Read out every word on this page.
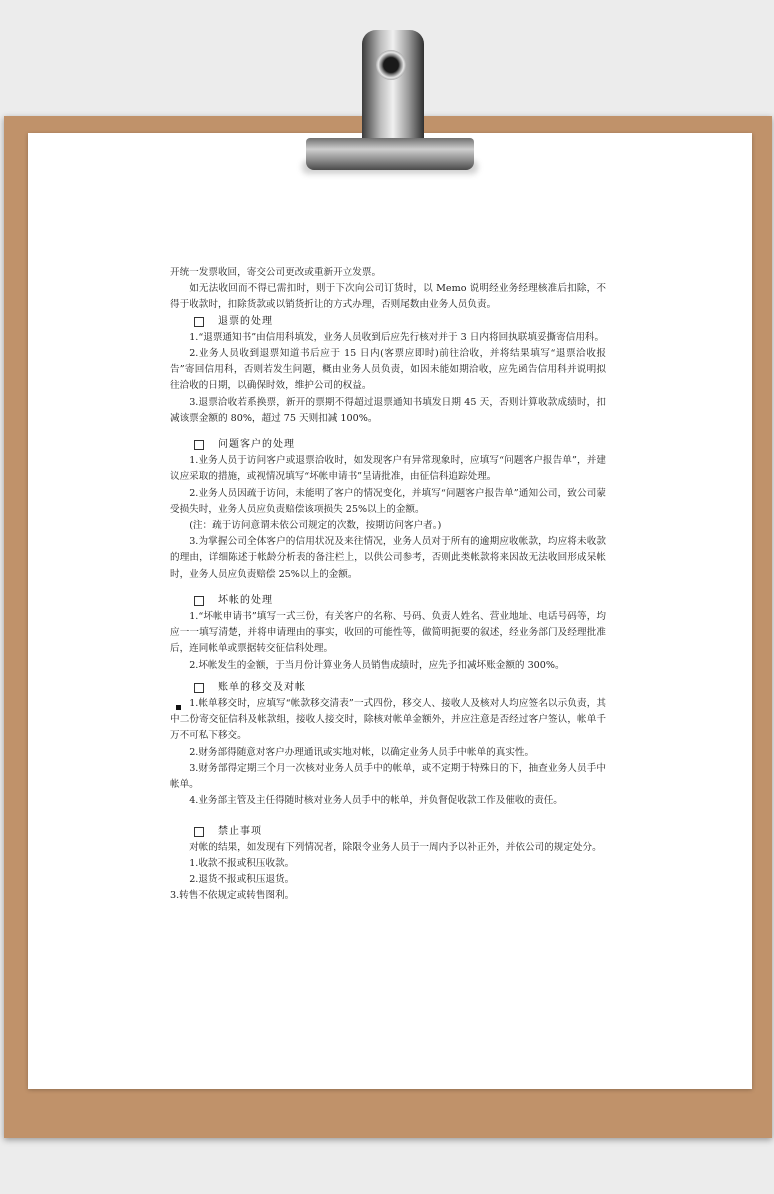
开统一发票收回，寄交公司更改或重新开立发票。

如无法收回而不得已需扣时，则于下次向公司订货时，以 Memo 说明经业务经理核准后扣除，不得于收款时，扣除货款或以销货折让的方式办理，否则尾数由业务人员负责。

退票的处理

1.“退票通知书”由信用科填发，业务人员收到后应先行核对并于 3 日内将回执联填妥撕寄信用科。

2.业务人员收到退票知道书后应于 15 日内(客票应即时)前往洽收，并将结果填写“退票洽收报告”寄回信用科，否则若发生问题，概由业务人员负责，如因未能如期洽收，应先函告信用科并说明拟往洽收的日期，以确保时效，维护公司的权益。

3.退票洽收若系换票，新开的票期不得超过退票通知书填发日期 45 天，否则计算收款成绩时，扣减该票金额的 80%，超过 75 天则扣减 100%。

问题客户的处理

1.业务人员于访问客户或退票洽收时，如发现客户有异常现象时，应填写“问题客户报告单”，并建议应采取的措施，或视情况填写“坏帐申请书”呈请批准，由征信科追踪处理。

2.业务人员因疏于访问，未能明了客户的情况变化，并填写“问题客户报告单”通知公司，致公司蒙受损失时，业务人员应负责赔偿该项损失 25%以上的金额。

(注：疏于访问意谓未依公司规定的次数，按期访问客户者。)

3.为掌握公司全体客户的信用状况及来往情况，业务人员对于所有的逾期应收帐款，均应将未收款的理由，详细陈述于帐龄分析表的备注栏上，以供公司参考，否则此类帐款将来因故无法收回形成呆帐时，业务人员应负责赔偿 25%以上的金额。

坏帐的处理

1.“坏帐申请书”填写一式三份，有关客户的名称、号码、负责人姓名、营业地址、电话号码等，均应一一填写清楚，并将申请理由的事实，收回的可能性等，做简明扼要的叙述，经业务部门及经理批准后，连同帐单或票据转交征信科处理。

2.坏帐发生的金额，于当月份计算业务人员销售成绩时，应先予扣减坏账金额的 300%。

账单的移交及对帐

1.帐单移交时，应填写“帐款移交清表”一式四份，移交人、接收人及核对人均应签名以示负责，其中二份寄交征信科及帐款组，接收人接交时，除核对帐单金额外，并应注意是否经过客户签认，帐单千万不可私下移交。

2.财务部得随意对客户办理通讯或实地对帐，以确定业务人员手中帐单的真实性。

3.财务部得定期三个月一次核对业务人员手中的帐单，或不定期于特殊日的下，抽查业务人员手中帐单。

4.业务部主管及主任得随时核对业务人员手中的帐单，并负督促收款工作及催收的责任。

禁止事项

对帐的结果，如发现有下列情况者，除限令业务人员于一周内予以补正外，并依公司的规定处分。

1.收款不报或积压收款。

2.退货不报或积压退货。

3.转售不依规定或转售图利。
